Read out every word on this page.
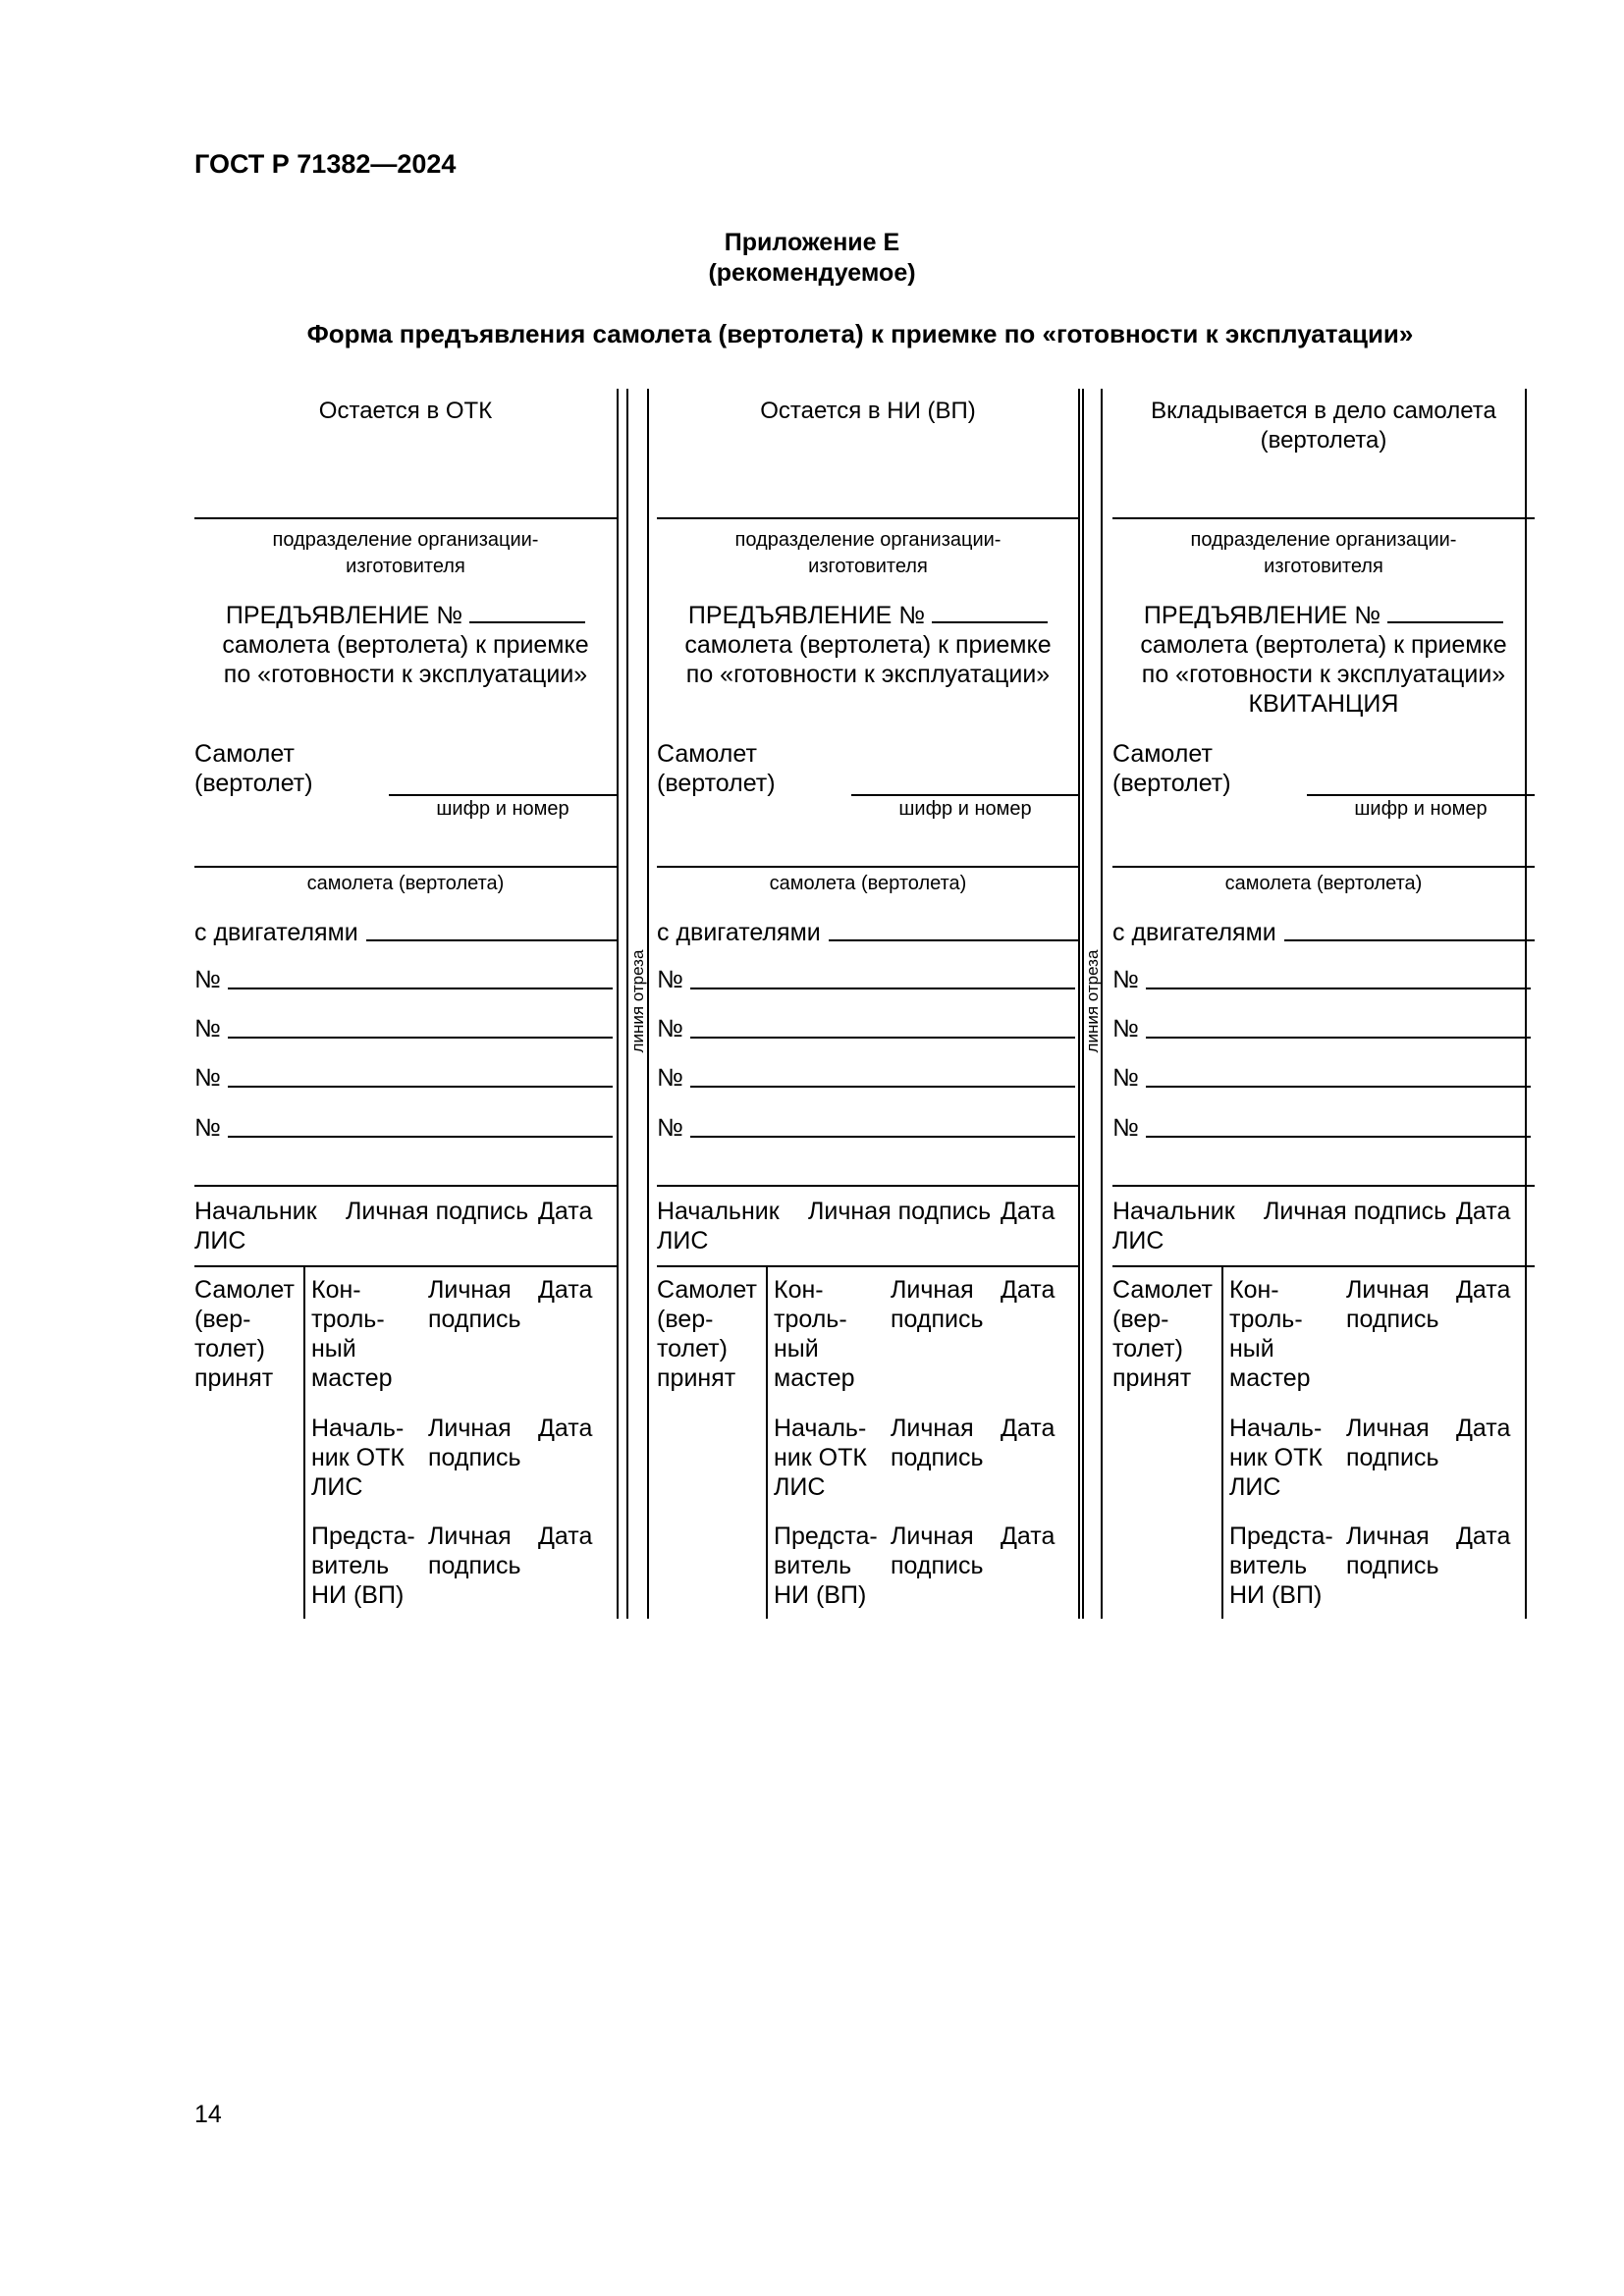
ГОСТ Р 71382—2024
Приложение Е
(рекомендуемое)
Форма предъявления самолета (вертолета) к приемке по «готовности к эксплуатации»
линия отреза	линия отреза
Остается в ОТК
подразделение организации-
изготовителя
ПРЕДЪЯВЛЕНИЕ №
самолета (вертолета) к приемке
по «готовности к эксплуатации»
Самолет
(вертолет)
шифр и номер
самолета (вертолета)
с двигателями
№
№
№
№
Начальник
ЛИС
Личная подпись Дата
Самолет
(вер-
толет)
принят
Кон-
троль-
ный
мастер
Личная
подпись
Дата
Началь-
ник ОТК
ЛИС
Личная
подпись
Дата
Предста-
витель
НИ (ВП)
Личная
подпись
Дата
Остается в НИ (ВП)
подразделение организации-
изготовителя
ПРЕДЪЯВЛЕНИЕ №
самолета (вертолета) к приемке
по «готовности к эксплуатации»
Самолет
(вертолет)
шифр и номер
самолета (вертолета)
с двигателями
№
№
№
№
Начальник
ЛИС
Личная подпись Дата
Самолет
(вер-
толет)
принят
Кон-
троль-
ный
мастер
Личная
подпись
Дата
Началь-
ник ОТК
ЛИС
Личная
подпись
Дата
Предста-
витель
НИ (ВП)
Личная
подпись
Дата
Вкладывается в дело самолета
(вертолета)
подразделение организации-
изготовителя
ПРЕДЪЯВЛЕНИЕ №
самолета (вертолета) к приемке
по «готовности к эксплуатации»
КВИТАНЦИЯ
Самолет
(вертолет)
шифр и номер
самолета (вертолета)
с двигателями
№
№
№
№
Начальник
ЛИС
Личная подпись Дата
Самолет
(вер-
толет)
принят
Кон-
троль-
ный
мастер
Личная
подпись
Дата
Началь-
ник ОТК
ЛИС
Личная
подпись
Дата
Предста-
витель
НИ (ВП)
Личная
подпись
Дата
14
